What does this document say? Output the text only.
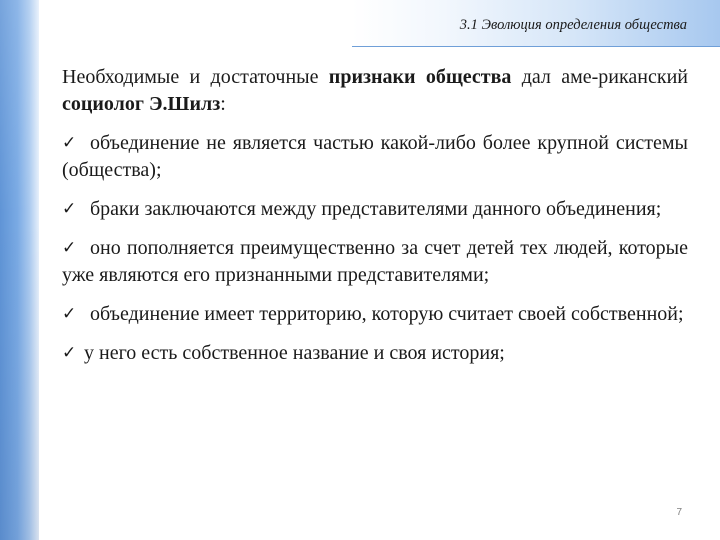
3.1 Эволюция определения общества

Необходимые и достаточные признаки общества дал аме-риканский социолог Э.Шилз:

✓ объединение не является частью какой-либо более крупной системы (общества);

✓ браки заключаются между представителями данного объединения;

✓ оно пополняется преимущественно за счет детей тех людей, которые уже являются его признанными представителями;

✓ объединение имеет территорию, которую считает своей собственной;

✓ у него есть собственное название и своя история;

7
